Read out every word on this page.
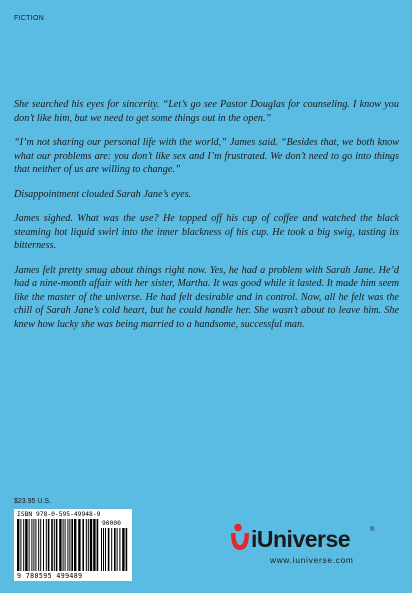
FICTION

She searched his eyes for sincerity. “Let’s go see Pastor Douglas for counseling. I know you don’t like him, but we need to get some things out in the open.”

“I’m not sharing our personal life with the world,” James said. “Besides that, we both know what our problems are: you don’t like sex and I’m frustrated. We don’t need to go into things that neither of us are willing to change.”

Disappointment clouded Sarah Jane’s eyes.

James sighed. What was the use? He topped off his cup of coffee and watched the black steaming hot liquid swirl into the inner blackness of his cup. He took a big swig, tasting its bitterness.

James felt pretty smug about things right now. Yes, he had a problem with Sarah Jane. He’d had a nine-month affair with her sister, Martha. It was good while it lasted. It made him seem like the master of the universe. He had felt desirable and in control. Now, all he felt was the chill of Sarah Jane’s cold heart, but he could handle her. She wasn’t about to leave him. She knew how lucky she was being married to a handsome, successful man.

$23.95 U.S.
ISBN 978-0-595-49948-9
90000
9 780595 499489
iUniverse	®
www.iuniverse.com
